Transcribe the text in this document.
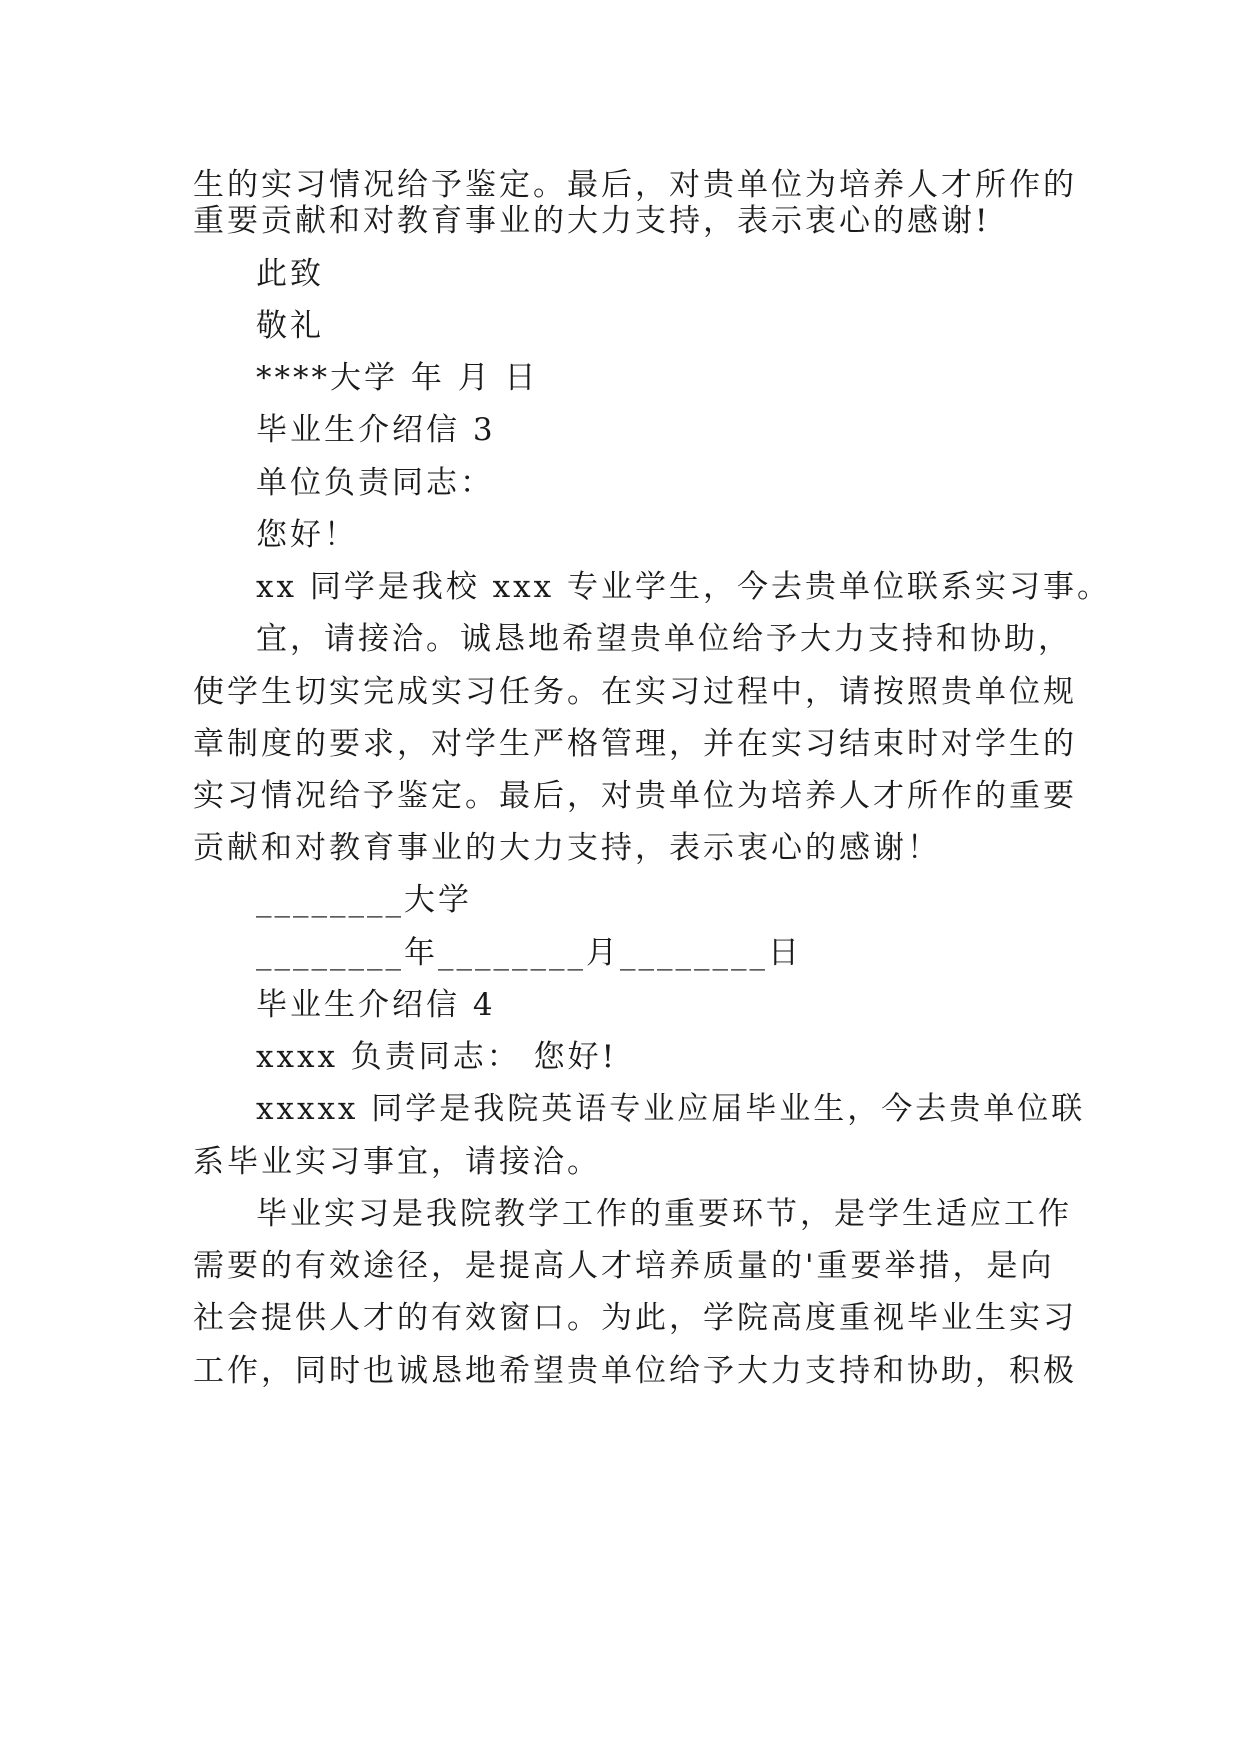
生的实习情况给予鉴定。最后，对贵单位为培养人才所作的
重要贡献和对教育事业的大力支持，表示衷心的感谢!
此致
敬礼
****大学 年 月 日
毕业生介绍信 3
单位负责同志：
您好！
xx 同学是我校 xxx 专业学生，今去贵单位联系实习事。
宜，请接洽。诚恳地希望贵单位给予大力支持和协助，
使学生切实完成实习任务。在实习过程中，请按照贵单位规
章制度的要求，对学生严格管理，并在实习结束时对学生的
实习情况给予鉴定。最后，对贵单位为培养人才所作的重要
贡献和对教育事业的大力支持，表示衷心的感谢！
________大学
________年________月________日
毕业生介绍信 4
xxxx 负责同志： 您好!
xxxxx 同学是我院英语专业应届毕业生，今去贵单位联
系毕业实习事宜，请接洽。
毕业实习是我院教学工作的重要环节，是学生适应工作
需要的有效途径，是提高人才培养质量的'重要举措，是向
社会提供人才的有效窗口。为此，学院高度重视毕业生实习
工作，同时也诚恳地希望贵单位给予大力支持和协助，积极
